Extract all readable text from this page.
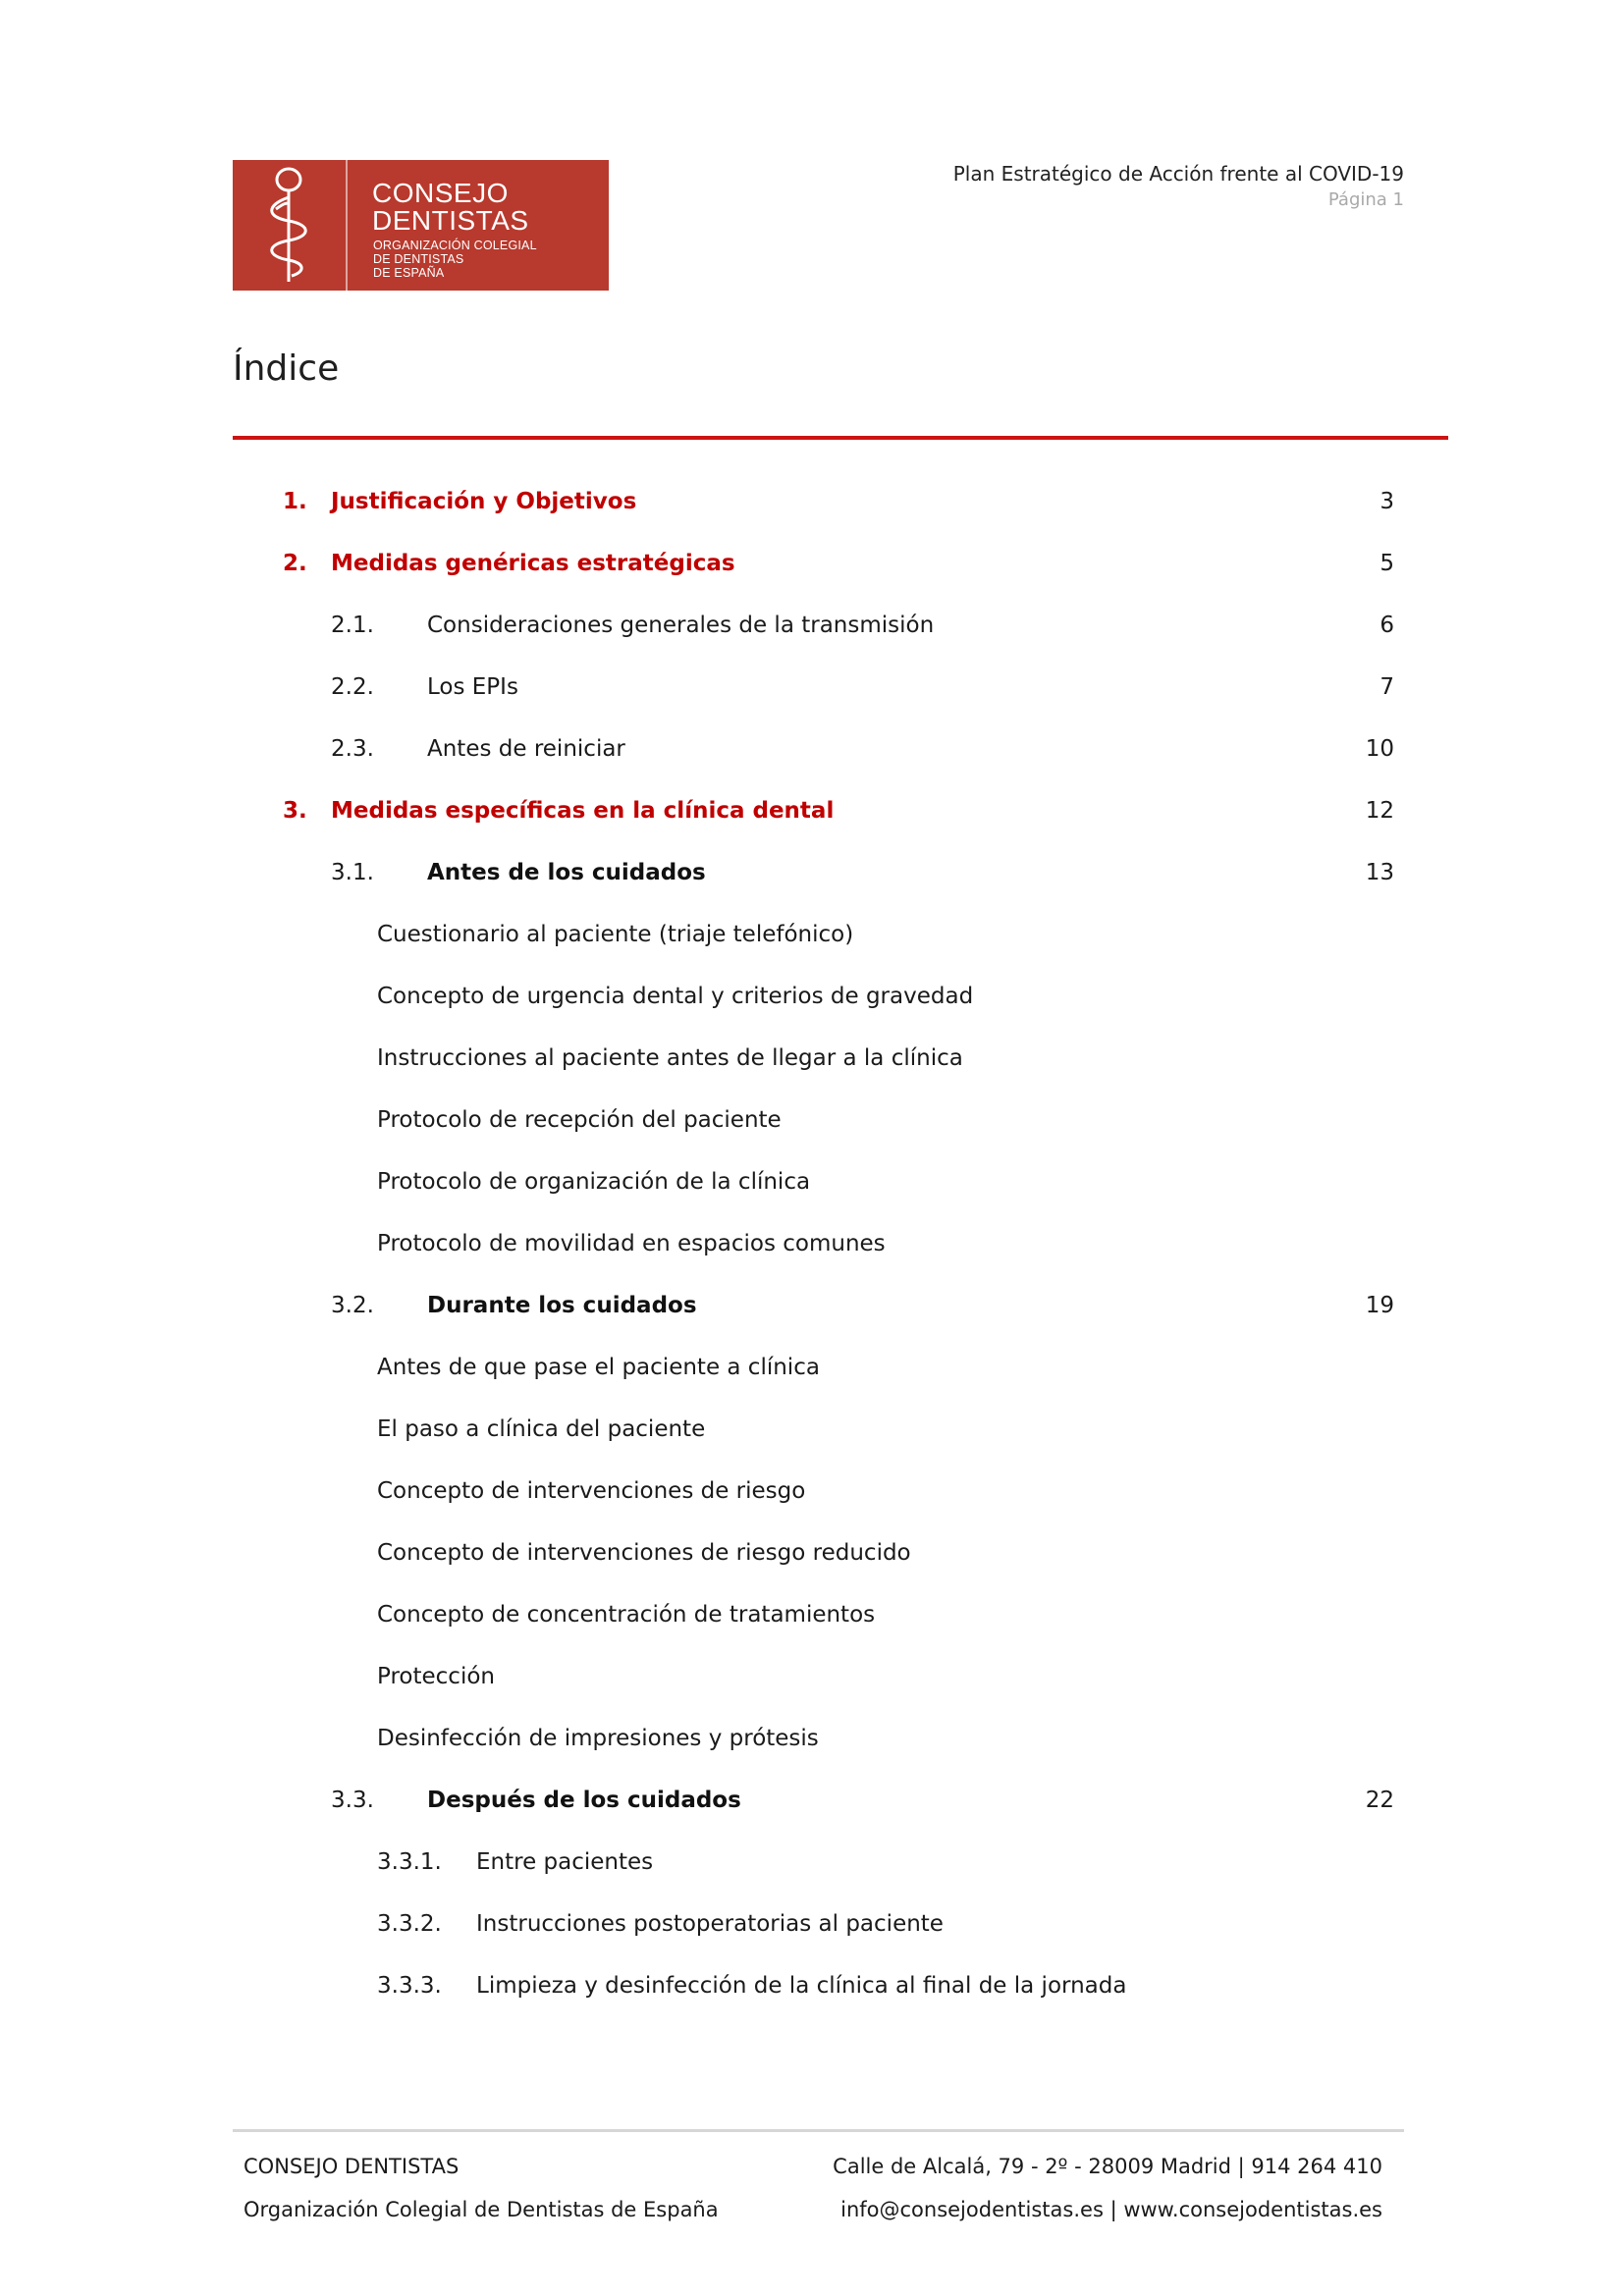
CONSEJO
DENTISTAS
ORGANIZACIÓN COLEGIAL
DE DENTISTAS
DE ESPAÑA
Plan Estratégico de Acción frente al COVID-19
Página 1
Índice
1. Justificación y Objetivos	3
2. Medidas genéricas estratégicas	5
2.1. Consideraciones generales de la transmisión	6
2.2. Los EPIs	7
2.3. Antes de reiniciar	10
3. Medidas específicas en la clínica dental	12
3.1. Antes de los cuidados	13
Cuestionario al paciente (triaje telefónico)
Concepto de urgencia dental y criterios de gravedad
Instrucciones al paciente antes de llegar a la clínica
Protocolo de recepción del paciente
Protocolo de organización de la clínica
Protocolo de movilidad en espacios comunes
3.2. Durante los cuidados	19
Antes de que pase el paciente a clínica
El paso a clínica del paciente
Concepto de intervenciones de riesgo
Concepto de intervenciones de riesgo reducido
Concepto de concentración de tratamientos
Protección
Desinfección de impresiones y prótesis
3.3. Después de los cuidados	22
3.3.1. Entre pacientes
3.3.2. Instrucciones postoperatorias al paciente
3.3.3. Limpieza y desinfección de la clínica al final de la jornada
CONSEJO DENTISTAS
Organización Colegial de Dentistas de España
Calle de Alcalá, 79 - 2º - 28009 Madrid | 914 264 410
info@consejodentistas.es | www.consejodentistas.es
